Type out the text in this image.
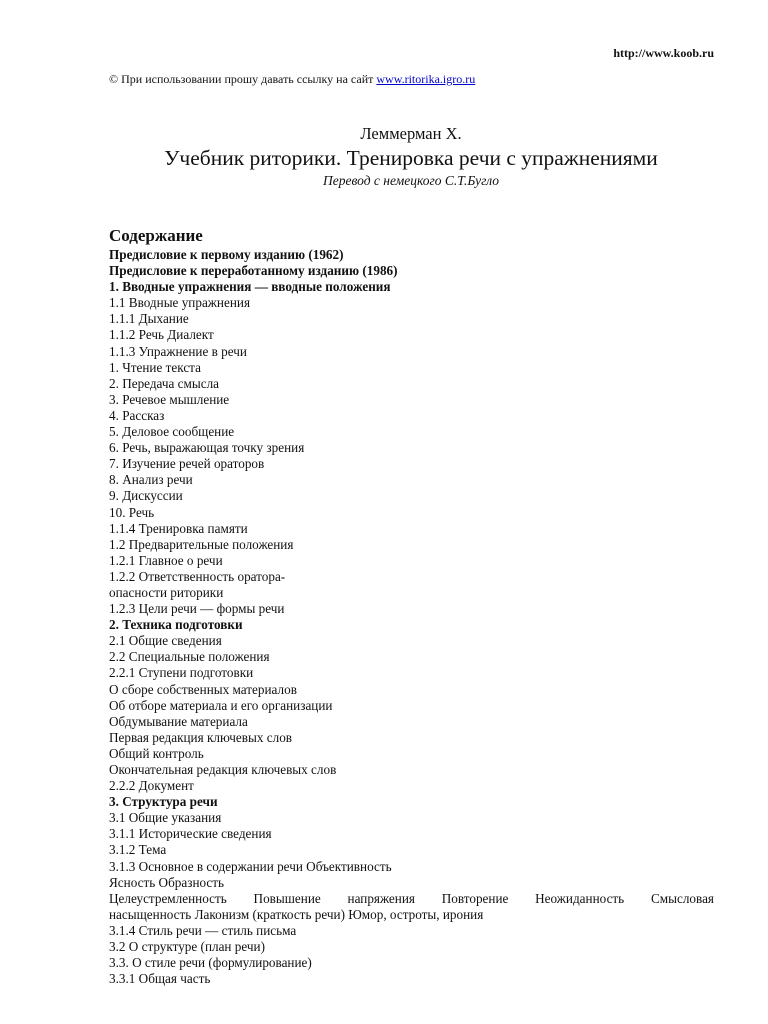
http://www.koob.ru
© При использовании прошу давать ссылку на сайт www.ritorika.igro.ru
Леммерман Х.
Учебник риторики. Тренировка речи с упражнениями
Перевод с немецкого С.Т.Бугло
Содержание
Предисловие к первому изданию (1962)
Предисловие к переработанному изданию (1986)
1. Вводные упражнения — вводные положения
1.1 Вводные упражнения
1.1.1 Дыхание
1.1.2 Речь Диалект
1.1.3 Упражнение в речи
1. Чтение текста
2. Передача смысла
3. Речевое мышление
4. Рассказ
5. Деловое сообщение
6. Речь, выражающая точку зрения
7. Изучение речей ораторов
8. Анализ речи
9. Дискуссии
10. Речь
1.1.4 Тренировка памяти
1.2 Предварительные положения
1.2.1 Главное о речи
1.2.2 Ответственность оратора-
опасности риторики
1.2.3 Цели речи — формы речи
2. Техника подготовки
2.1 Общие сведения
2.2 Специальные положения
2.2.1 Ступени подготовки
О сборе собственных материалов
Об отборе материала и его организации
Обдумывание материала
Первая редакция ключевых слов
Общий контроль
Окончательная редакция ключевых слов
2.2.2 Документ
3. Структура речи
3.1 Общие указания
3.1.1 Исторические сведения
3.1.2 Тема
3.1.3 Основное в содержании речи Объективность
Ясность Образность
Целеустремленность Повышение напряжения Повторение Неожиданность Смысловая
насыщенность Лаконизм (краткость речи) Юмор, остроты, ирония
3.1.4 Стиль речи — стиль письма
3.2 О структуре (план речи)
3.3. О стиле речи (формулирование)
3.3.1 Общая часть
